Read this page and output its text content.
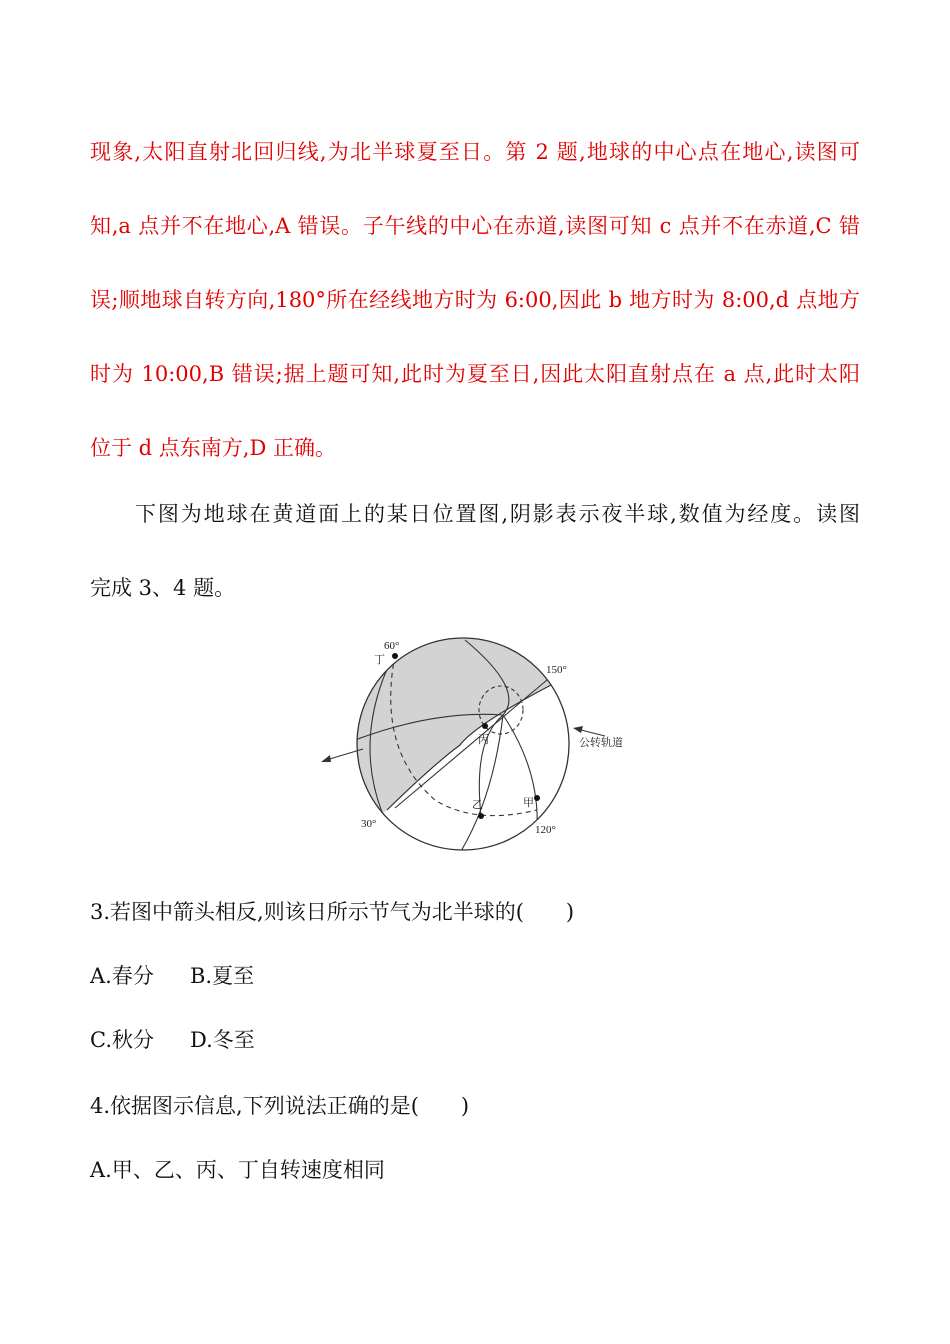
现象,太阳直射北回归线,为北半球夏至日。第 2 题,地球的中心点在地心,读图可
知,a 点并不在地心,A 错误。子午线的中心在赤道,读图可知 c 点并不在赤道,C 错
误;顺地球自转方向,180°所在经线地方时为 6:00,因此 b 地方时为 8:00,d 点地方
时为 10:00,B 错误;据上题可知,此时为夏至日,因此太阳直射点在 a 点,此时太阳
位于 d 点东南方,D 正确。
下图为地球在黄道面上的某日位置图,阴影表示夜半球,数值为经度。读图
完成 3、4 题。
60°
丁
150°
丙
30°
乙	甲
120°
公转轨道
3.若图中箭头相反,则该日所示节气为北半球的(　　)
A.春分 B.夏至
C.秋分 D.冬至
4.依据图示信息,下列说法正确的是(　　)
A.甲、乙、丙、丁自转速度相同
